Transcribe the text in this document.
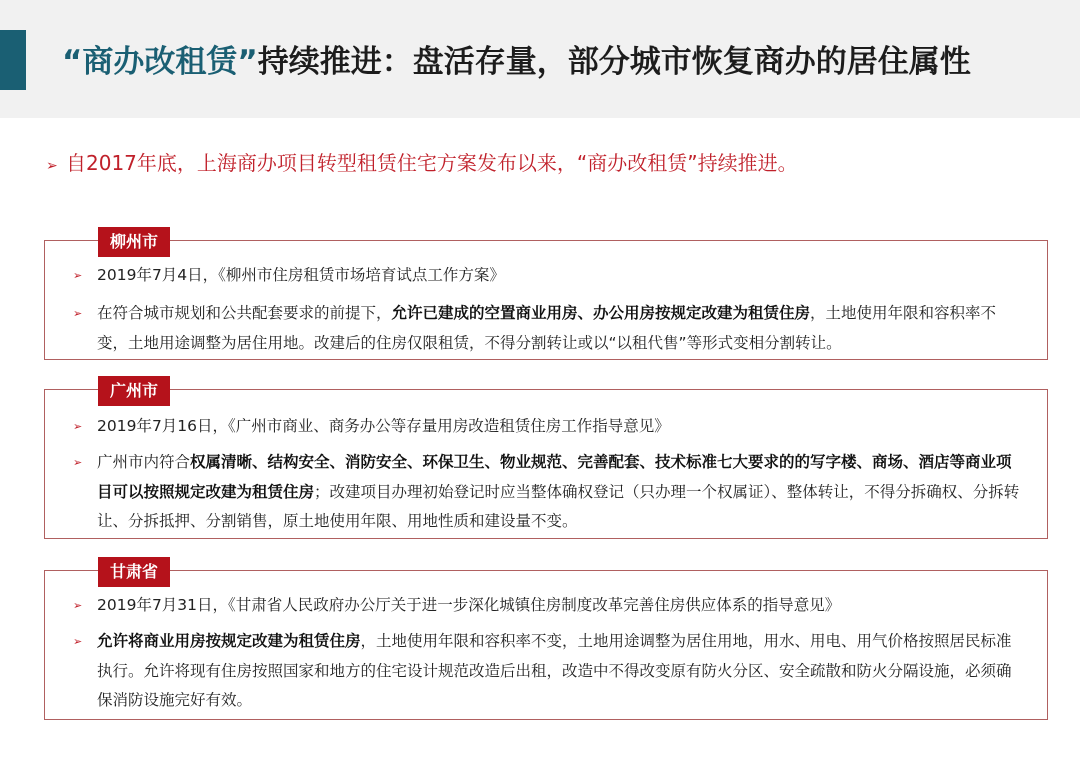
“商办改租赁”持续推进：盘活存量，部分城市恢复商办的居住属性
➢ 自2017年底，上海商办项目转型租赁住宅方案发布以来，“商办改租赁”持续推进。
➢ 2019年7月4日，《柳州市住房租赁市场培育试点工作方案》
➢ 在符合城市规划和公共配套要求的前提下，允许已建成的空置商业用房、办公用房按规定改建为租赁住房，土地使用年限和容积率不变，土地用途调整为居住用地。改建后的住房仅限租赁，不得分割转让或以“以租代售”等形式变相分割转让。
柳州市
➢ 2019年7月16日，《广州市商业、商务办公等存量用房改造租赁住房工作指导意见》
➢ 广州市内符合权属清晰、结构安全、消防安全、环保卫生、物业规范、完善配套、技术标准七大要求的的写字楼、商场、酒店等商业项目可以按照规定改建为租赁住房；改建项目办理初始登记时应当整体确权登记（只办理一个权属证）、整体转让，不得分拆确权、分拆转让、分拆抵押、分割销售，原土地使用年限、用地性质和建设量不变。
广州市
➢ 2019年7月31日，《甘肃省人民政府办公厅关于进一步深化城镇住房制度改革完善住房供应体系的指导意见》
➢ 允许将商业用房按规定改建为租赁住房，土地使用年限和容积率不变，土地用途调整为居住用地，用水、用电、用气价格按照居民标准执行。允许将现有住房按照国家和地方的住宅设计规范改造后出租，改造中不得改变原有防火分区、安全疏散和防火分隔设施，必须确保消防设施完好有效。
甘肃省
